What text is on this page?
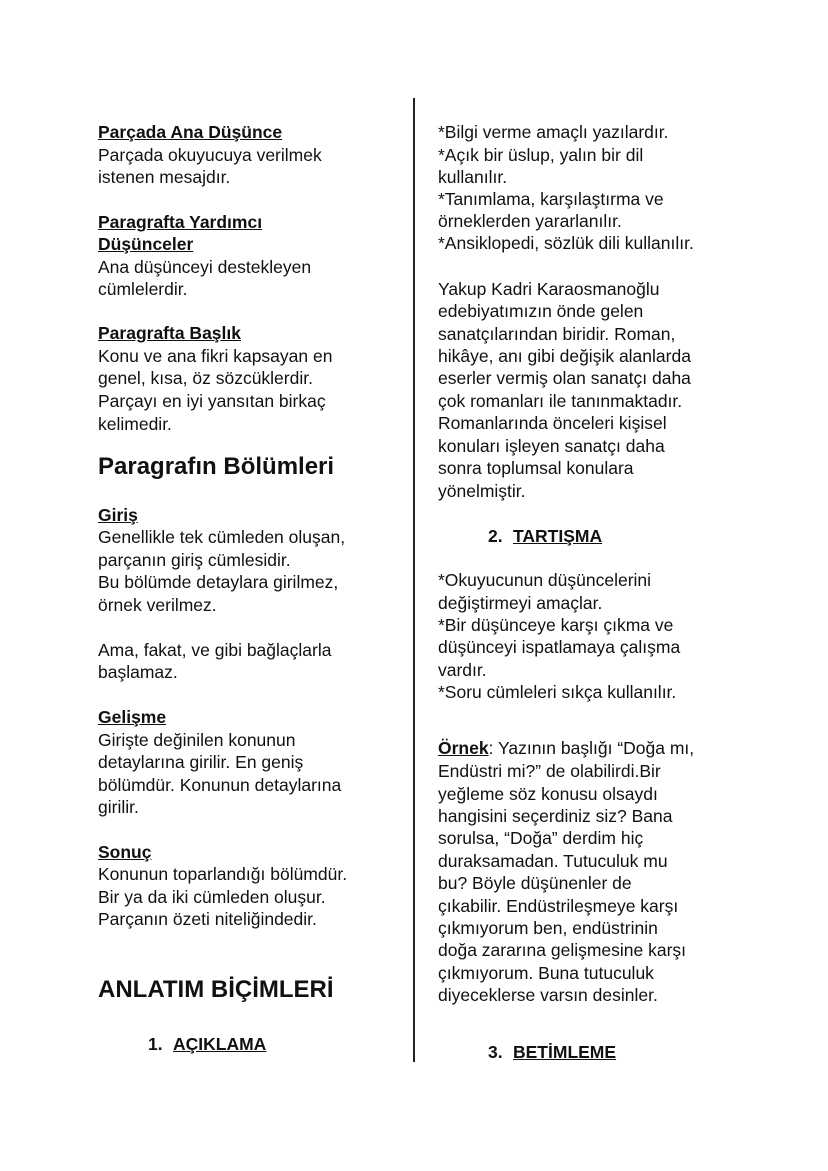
Parçada Ana Düşünce
Parçada okuyucuya verilmek
istenen mesajdır.
Paragrafta Yardımcı
Düşünceler
Ana düşünceyi destekleyen
cümlelerdir.
Paragrafta Başlık
Konu ve ana fikri kapsayan en
genel, kısa, öz sözcüklerdir.
Parçayı en iyi yansıtan birkaç
kelimedir.
Paragrafın Bölümleri
Giriş
Genellikle tek cümleden oluşan,
parçanın giriş cümlesidir.
Bu bölümde detaylara girilmez,
örnek verilmez.
Ama, fakat, ve gibi bağlaçlarla
başlamaz.
Gelişme
Girişte değinilen konunun
detaylarına girilir. En geniş
bölümdür. Konunun detaylarına
girilir.
Sonuç
Konunun toparlandığı bölümdür.
Bir ya da iki cümleden oluşur.
Parçanın özeti niteliğindedir.
ANLATIM BİÇİMLERİ
1. AÇIKLAMA
*Bilgi verme amaçlı yazılardır.
*Açık bir üslup, yalın bir dil
kullanılır.
*Tanımlama, karşılaştırma ve
örneklerden yararlanılır.
*Ansiklopedi, sözlük dili kullanılır.
Yakup Kadri Karaosmanoğlu
edebiyatımızın önde gelen
sanatçılarından biridir. Roman,
hikâye, anı gibi değişik alanlarda
eserler vermiş olan sanatçı daha
çok romanları ile tanınmaktadır.
Romanlarında önceleri kişisel
konuları işleyen sanatçı daha
sonra toplumsal konulara
yönelmiştir.
2. TARTIŞMA
*Okuyucunun düşüncelerini
değiştirmeyi amaçlar.
*Bir düşünceye karşı çıkma ve
düşünceyi ispatlamaya çalışma
vardır.
*Soru cümleleri sıkça kullanılır.
Örnek : Yazının başlığı “Doğa mı,
Endüstri mi?” de olabilirdi.Bir
yeğleme söz konusu olsaydı
hangisini seçerdiniz siz? Bana
sorulsa, “Doğa” derdim hiç
duraksamadan. Tutuculuk mu
bu? Böyle düşünenler de
çıkabilir. Endüstrileşmeye karşı
çıkmıyorum ben, endüstrinin
doğa zararına gelişmesine karşı
çıkmıyorum. Buna tutuculuk
diyeceklerse varsın desinler.
3. BETİMLEME
